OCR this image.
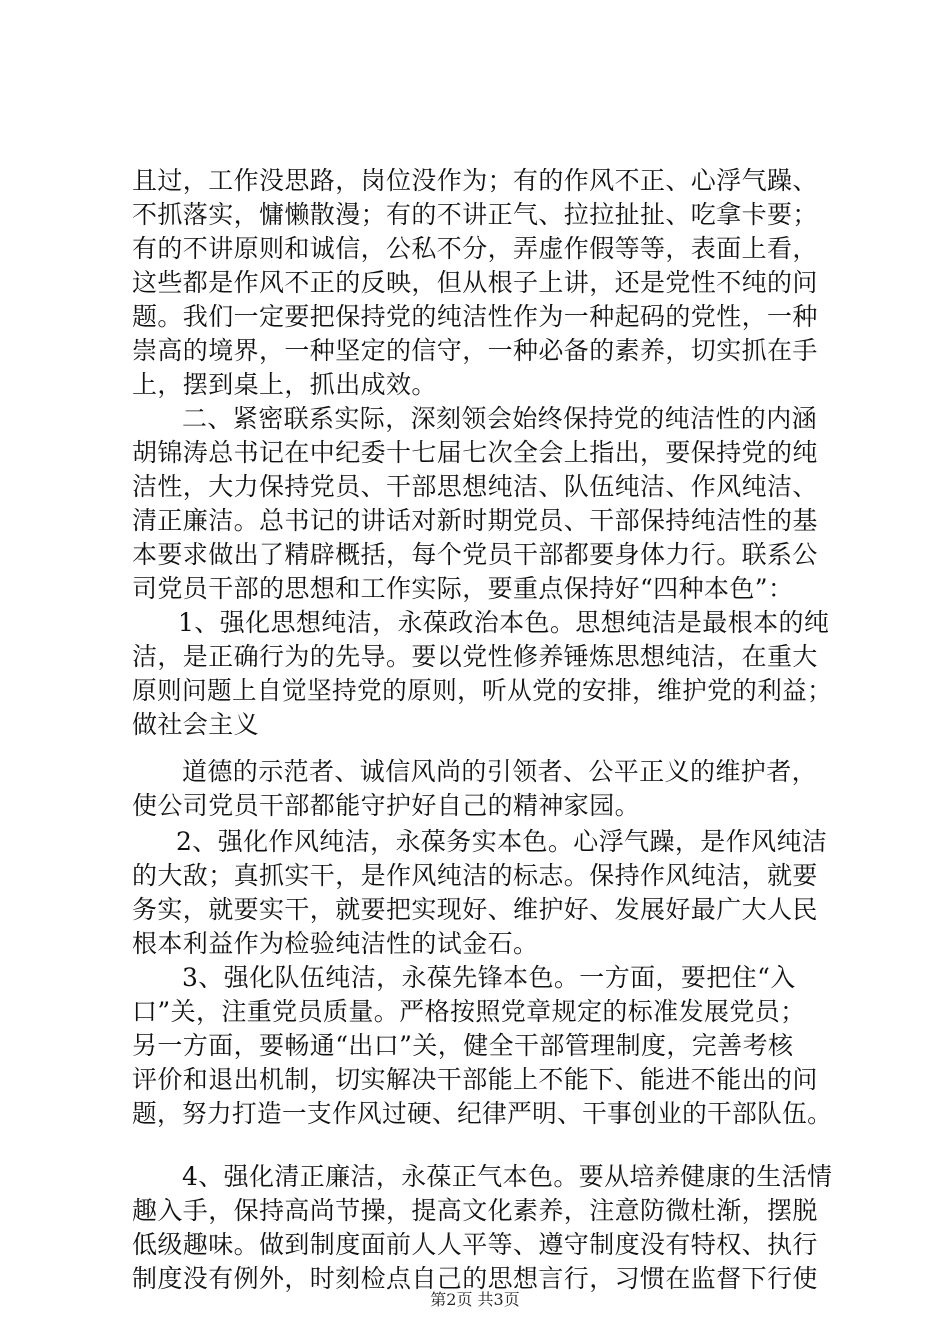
且过，工作没思路，岗位没作为；有的作风不正、心浮气躁、
不抓落实，慵懒散漫；有的不讲正气、拉拉扯扯、吃拿卡要；
有的不讲原则和诚信，公私不分，弄虚作假等等，表面上看，
这些都是作风不正的反映，但从根子上讲，还是党性不纯的问
题。我们一定要把保持党的纯洁性作为一种起码的党性，一种
崇高的境界，一种坚定的信守，一种必备的素养，切实抓在手
上，摆到桌上，抓出成效。
二、紧密联系实际，深刻领会始终保持党的纯洁性的内涵
胡锦涛总书记在中纪委十七届七次全会上指出，要保持党的纯
洁性，大力保持党员、干部思想纯洁、队伍纯洁、作风纯洁、
清正廉洁。总书记的讲话对新时期党员、干部保持纯洁性的基
本要求做出了精辟概括，每个党员干部都要身体力行。联系公
司党员干部的思想和工作实际，要重点保持好“四种本色”：
1、强化思想纯洁，永葆政治本色。思想纯洁是最根本的纯
洁，是正确行为的先导。要以党性修养锤炼思想纯洁，在重大
原则问题上自觉坚持党的原则，听从党的安排，维护党的利益；
做社会主义
道德的示范者、诚信风尚的引领者、公平正义的维护者，
使公司党员干部都能守护好自己的精神家园。
2、强化作风纯洁，永葆务实本色。心浮气躁，是作风纯洁
的大敌；真抓实干，是作风纯洁的标志。保持作风纯洁，就要
务实，就要实干，就要把实现好、维护好、发展好最广大人民
根本利益作为检验纯洁性的试金石。
3、强化队伍纯洁，永葆先锋本色。一方面，要把住“入
口”关，注重党员质量。严格按照党章规定的标准发展党员；
另一方面，要畅通“出口”关，健全干部管理制度，完善考核
评价和退出机制，切实解决干部能上不能下、能进不能出的问
题，努力打造一支作风过硬、纪律严明、干事创业的干部队伍。
4、强化清正廉洁，永葆正气本色。要从培养健康的生活情
趣入手，保持高尚节操，提高文化素养，注意防微杜渐，摆脱
低级趣味。做到制度面前人人平等、遵守制度没有特权、执行
制度没有例外，时刻检点自己的思想言行，习惯在监督下行使
第2页 共3页
